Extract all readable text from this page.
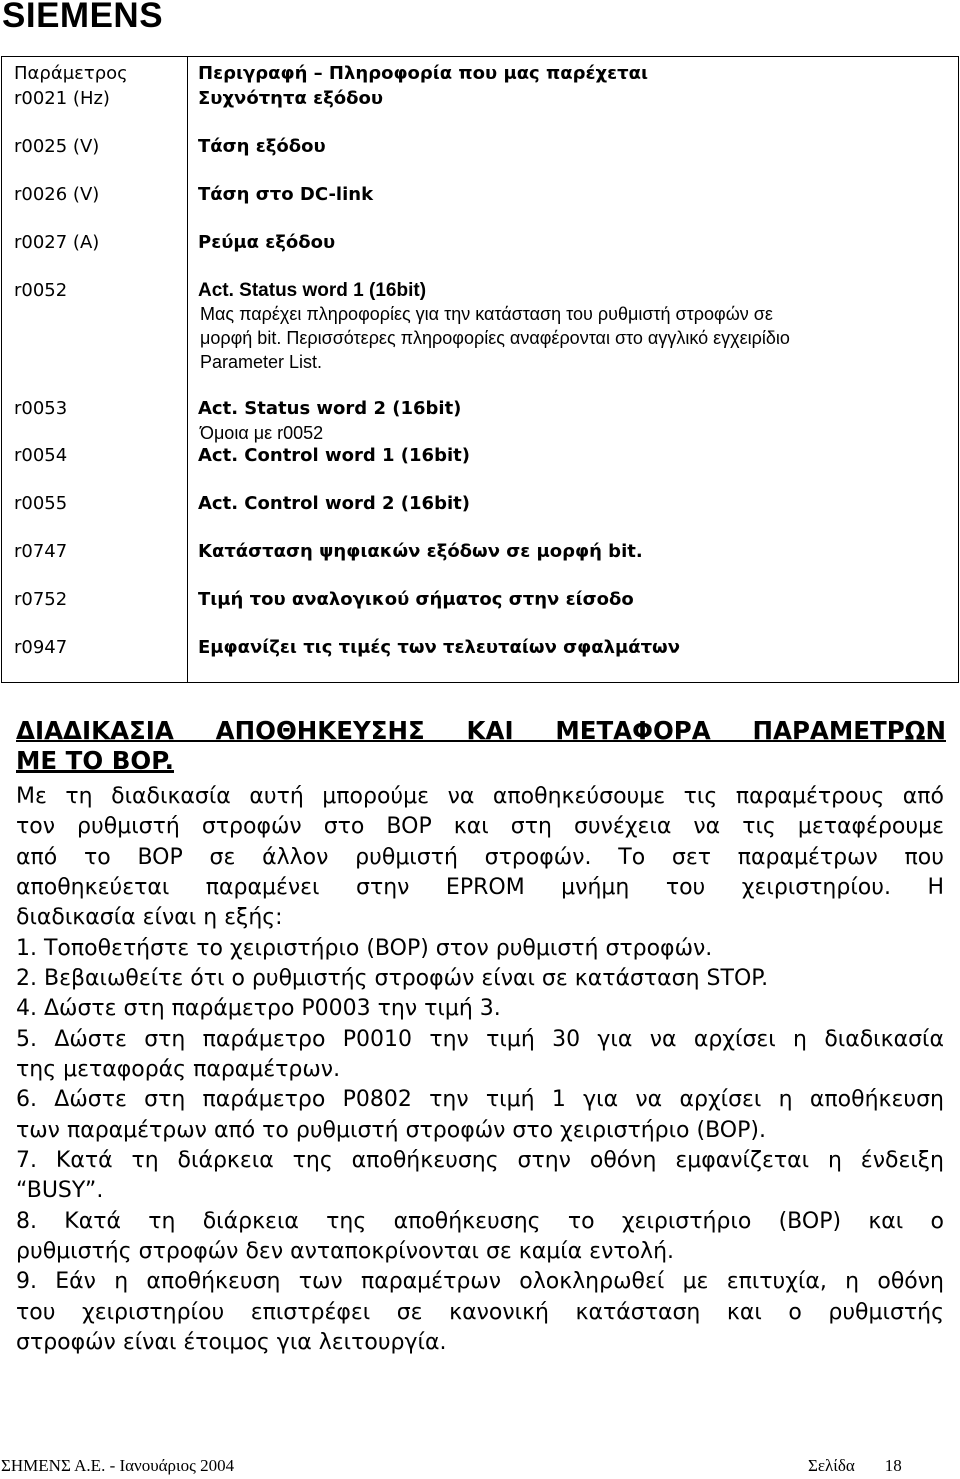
SIEMENS
Παράμετρος	Περιγραφή – Πληροφορία που μας παρέχεται
r0021 (Hz)	Συχνότητα εξόδου
r0025 (V)	Τάση εξόδου
r0026 (V)	Τάση στο DC-link
r0027 (A)	Ρεύμα εξόδου
r0052	Act. Status word 1 (16bit)
Μας παρέχει πληροφορίες για την κατάσταση του ρυθμιστή στροφών σε
μορφή bit. Περισσότερες πληροφορίες αναφέρονται στο αγγλικό εγχειρίδιο
Parameter List.
r0053	Act. Status word 2 (16bit)
Όμοια με r0052
r0054	Act. Control word 1 (16bit)
r0055	Act. Control word 2 (16bit)
r0747	Κατάσταση ψηφιακών εξόδων σε μορφή bit.
r0752	Τιμή του αναλογικού σήματος στην είσοδο
r0947	Εμφανίζει τις τιμές των τελευταίων σφαλμάτων
ΔΙΑΔΙΚΑΣΙΑ ΑΠΟΘΗΚΕΥΣΗΣ ΚΑΙ ΜΕΤΑΦΟΡΑ ΠΑΡΑΜΕΤΡΩΝ
ΜΕ ΤΟ BOP.
Με τη διαδικασία αυτή μπορούμε να αποθηκεύσουμε τις παραμέτρους από
τον ρυθμιστή στροφών στο BOP και στη συνέχεια να τις μεταφέρουμε
από το BOP σε άλλον ρυθμιστή στροφών. Το σετ παραμέτρων που
αποθηκεύεται παραμένει στην EPROM μνήμη του χειριστηρίου. Η
διαδικασία είναι η εξής:
1. Τοποθετήστε το χειριστήριο (BOP) στον ρυθμιστή στροφών.
2. Βεβαιωθείτε ότι ο ρυθμιστής στροφών είναι σε κατάσταση STOP.
4. Δώστε στη παράμετρο P0003 την τιμή 3.
5. Δώστε στη παράμετρο P0010 την τιμή 30 για να αρχίσει η διαδικασία
της μεταφοράς παραμέτρων.
6. Δώστε στη παράμετρο P0802 την τιμή 1 για να αρχίσει η αποθήκευση
των παραμέτρων από το ρυθμιστή στροφών στο χειριστήριο (BOP).
7. Κατά τη διάρκεια της αποθήκευσης στην οθόνη εμφανίζεται η ένδειξη
“BUSY”.
8. Κατά τη διάρκεια της αποθήκευσης το χειριστήριο (BOP) και ο
ρυθμιστής στροφών δεν ανταποκρίνονται σε καμία εντολή.
9. Εάν η αποθήκευση των παραμέτρων ολοκληρωθεί με επιτυχία, η οθόνη
του χειριστηρίου επιστρέφει σε κανονική κατάσταση και ο ρυθμιστής
στροφών είναι έτοιμος για λειτουργία.
ΣΗΜΕΝΣ Α.Ε. - Ιανουάριος 2004	Σελίδα 18
